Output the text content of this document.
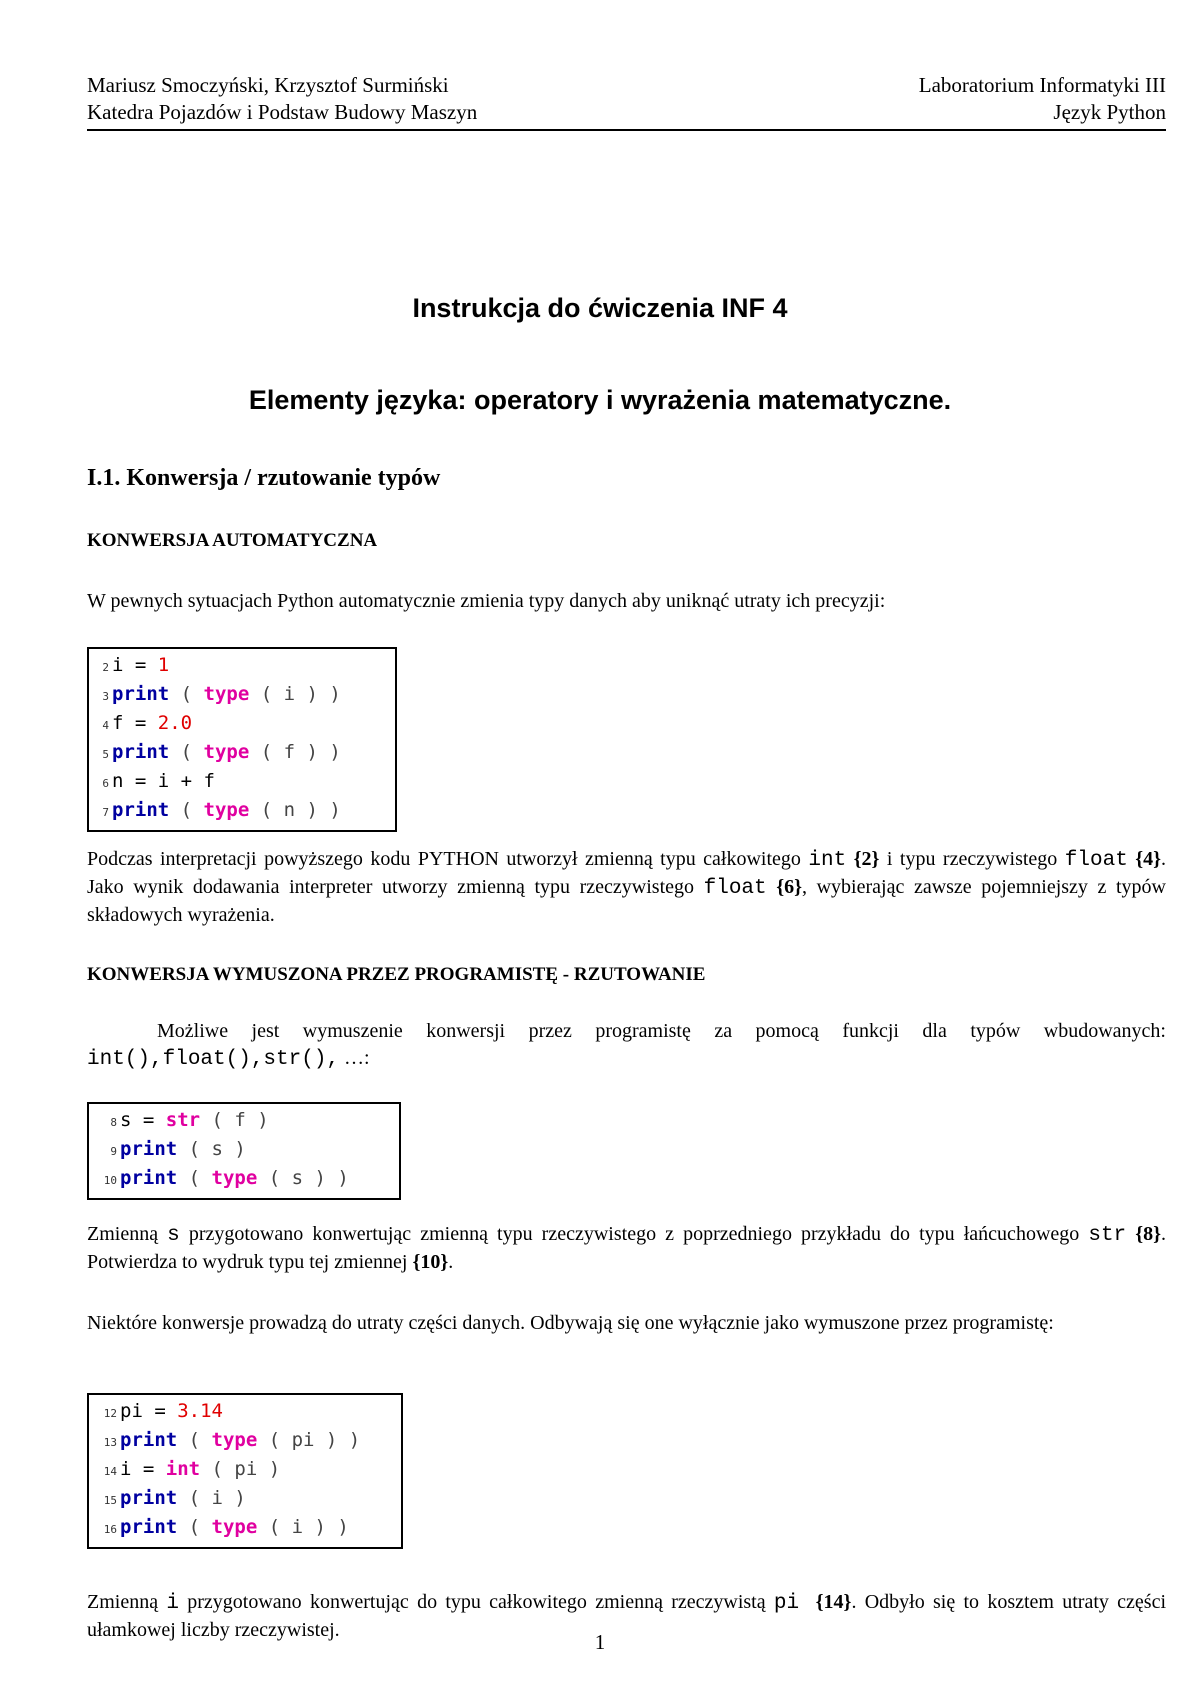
Mariusz Smoczyński, Krzysztof Surmiński	Laboratorium Informatyki III
Katedra Pojazdów i Podstaw Budowy Maszyn	Język Python
Instrukcja do ćwiczenia INF 4
Elementy języka: operatory i wyrażenia matematyczne.
I.1. Konwersja / rzutowanie typów
KONWERSJA AUTOMATYCZNA
W pewnych sytuacjach Python automatycznie zmienia typy danych aby uniknąć utraty ich precyzji:
2 i = 1
3 print ( type ( i ) )
4 f = 2.0
5 print ( type ( f ) )
6 n = i + f
7 print ( type ( n ) )
Podczas interpretacji powyższego kodu PYTHON utworzył zmienną typu całkowitego int {2} i typu rzeczywistego float {4}. Jako wynik dodawania interpreter utworzy zmienną typu rzeczywistego float {6}, wybierając zawsze pojemniejszy z typów składowych wyrażenia.
KONWERSJA WYMUSZONA PRZEZ PROGRAMISTĘ - RZUTOWANIE
Możliwe jest wymuszenie konwersji przez programistę za pomocą funkcji dla typów wbudowanych: int(),float(),str(), …:
8 s = str ( f )
9 print ( s )
10 print ( type ( s ) )
Zmienną s przygotowano konwertując zmienną typu rzeczywistego z poprzedniego przykładu do typu łańcuchowego str {8}. Potwierdza to wydruk typu tej zmiennej {10}.
Niektóre konwersje prowadzą do utraty części danych. Odbywają się one wyłącznie jako wymuszone przez programistę:
12 pi = 3.14
13 print ( type ( pi ) )
14 i = int ( pi )
15 print ( i )
16 print ( type ( i ) )
Zmienną i przygotowano konwertując do typu całkowitego zmienną rzeczywistą pi {14}. Odbyło się to kosztem utraty części ułamkowej liczby rzeczywistej.	1
